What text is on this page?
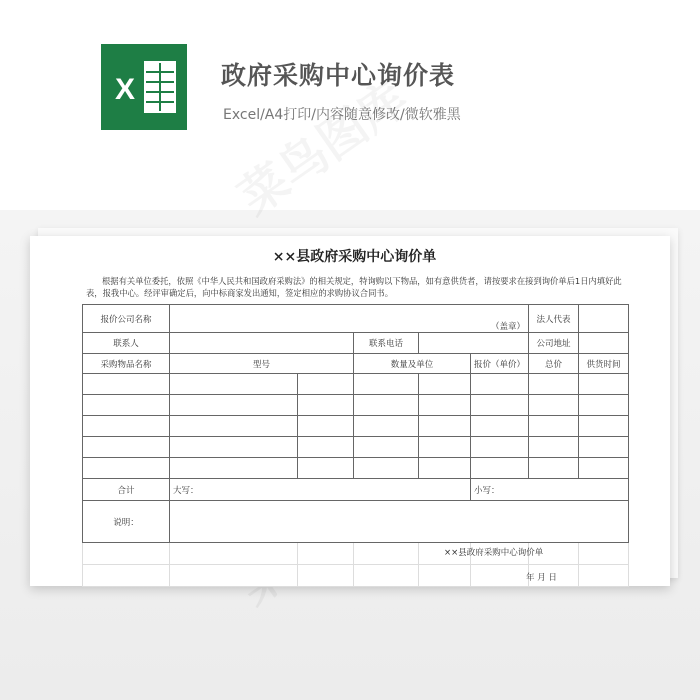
X	政府采购中心询价表
Excel/A4打印/内容随意修改/微软雅黑
××县政府采购中心询价单

根据有关单位委托，依照《中华人民共和国政府采购法》的相关规定，特询购以下物品，如有意供货者，请按要求在接到询价单后1日内填好此表，报我中心。经评审确定后，向中标商家发出通知，签定相应的求购协议合同书。

报价公司名称	（盖章）					法人代表	
联系人			联系电话			公司地址	
采购物品名称	型号		数量及单位		报价（单价）	总价	供货时间

合计	大写：				小写：		
说明：							

××县政府采购中心询价单
年 月 日
